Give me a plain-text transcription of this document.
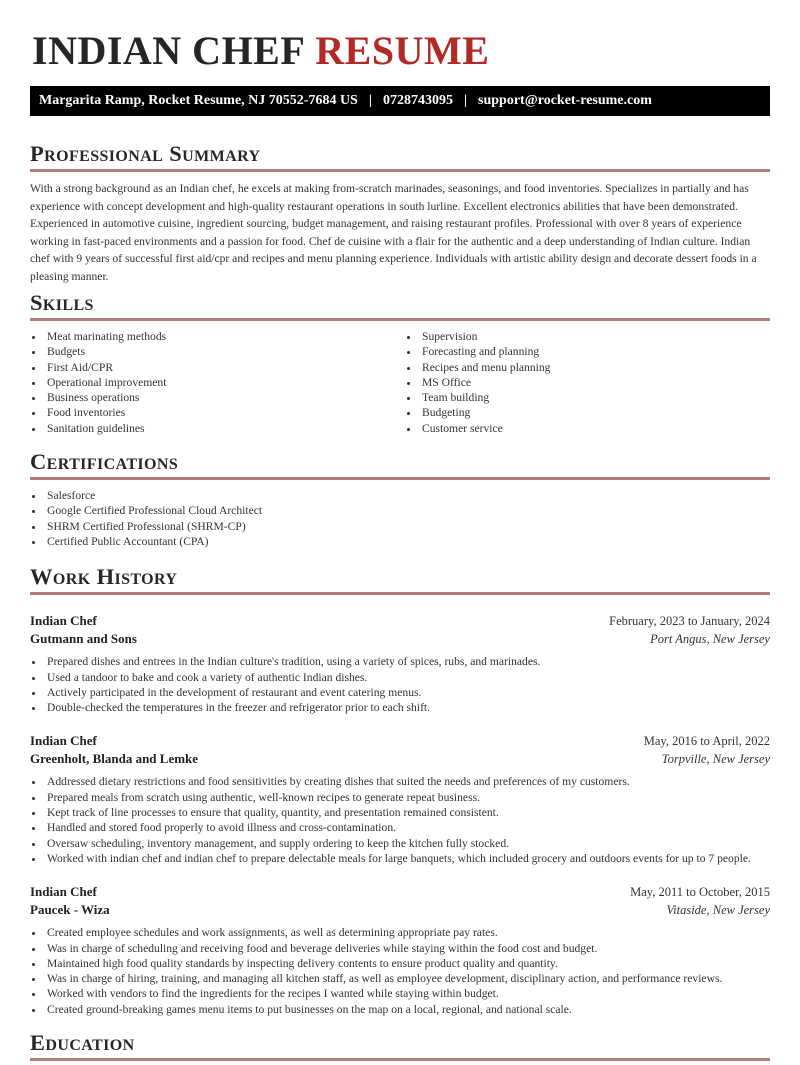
INDIAN CHEF RESUME
Margarita Ramp, Rocket Resume, NJ 70552-7684 US | 0728743095 | support@rocket-resume.com
Professional Summary

With a strong background as an Indian chef, he excels at making from-scratch marinades, seasonings, and food inventories. Specializes in partially and has experience with concept development and high-quality restaurant operations in south lurline. Excellent electronics abilities that have been demonstrated. Experienced in automotive cuisine, ingredient sourcing, budget management, and raising restaurant profiles. Professional with over 8 years of experience working in fast-paced environments and a passion for food. Chef de cuisine with a flair for the authentic and a deep understanding of Indian culture. Indian chef with 9 years of successful first aid/cpr and recipes and menu planning experience. Individuals with artistic ability design and decorate dessert foods in a pleasing manner.

Skills
• Meat marinating methods
• Budgets
• First Aid/CPR
• Operational improvement
• Business operations
• Food inventories
• Sanitation guidelines
• Supervision
• Forecasting and planning
• Recipes and menu planning
• MS Office
• Team building
• Budgeting
• Customer service
Certifications
• Salesforce
• Google Certified Professional Cloud Architect
• SHRM Certified Professional (SHRM-CP)
• Certified Public Accountant (CPA)
Work History
Indian Chef	February, 2023 to January, 2024
Gutmann and Sons	Port Angus, New Jersey
• Prepared dishes and entrees in the Indian culture's tradition, using a variety of spices, rubs, and marinades.
• Used a tandoor to bake and cook a variety of authentic Indian dishes.
• Actively participated in the development of restaurant and event catering menus.
• Double-checked the temperatures in the freezer and refrigerator prior to each shift.
Indian Chef	May, 2016 to April, 2022
Greenholt, Blanda and Lemke	Torpville, New Jersey
• Addressed dietary restrictions and food sensitivities by creating dishes that suited the needs and preferences of my customers.
• Prepared meals from scratch using authentic, well-known recipes to generate repeat business.
• Kept track of line processes to ensure that quality, quantity, and presentation remained consistent.
• Handled and stored food properly to avoid illness and cross-contamination.
• Oversaw scheduling, inventory management, and supply ordering to keep the kitchen fully stocked.
• Worked with indian chef and indian chef to prepare delectable meals for large banquets, which included grocery and outdoors events for up to 7 people.
Indian Chef	May, 2011 to October, 2015
Paucek - Wiza	Vitaside, New Jersey
• Created employee schedules and work assignments, as well as determining appropriate pay rates.
• Was in charge of scheduling and receiving food and beverage deliveries while staying within the food cost and budget.
• Maintained high food quality standards by inspecting delivery contents to ensure product quality and quantity.
• Was in charge of hiring, training, and managing all kitchen staff, as well as employee development, disciplinary action, and performance reviews.
• Worked with vendors to find the ingredients for the recipes I wanted while staying within budget.
• Created ground-breaking games menu items to put businesses on the map on a local, regional, and national scale.
Education
